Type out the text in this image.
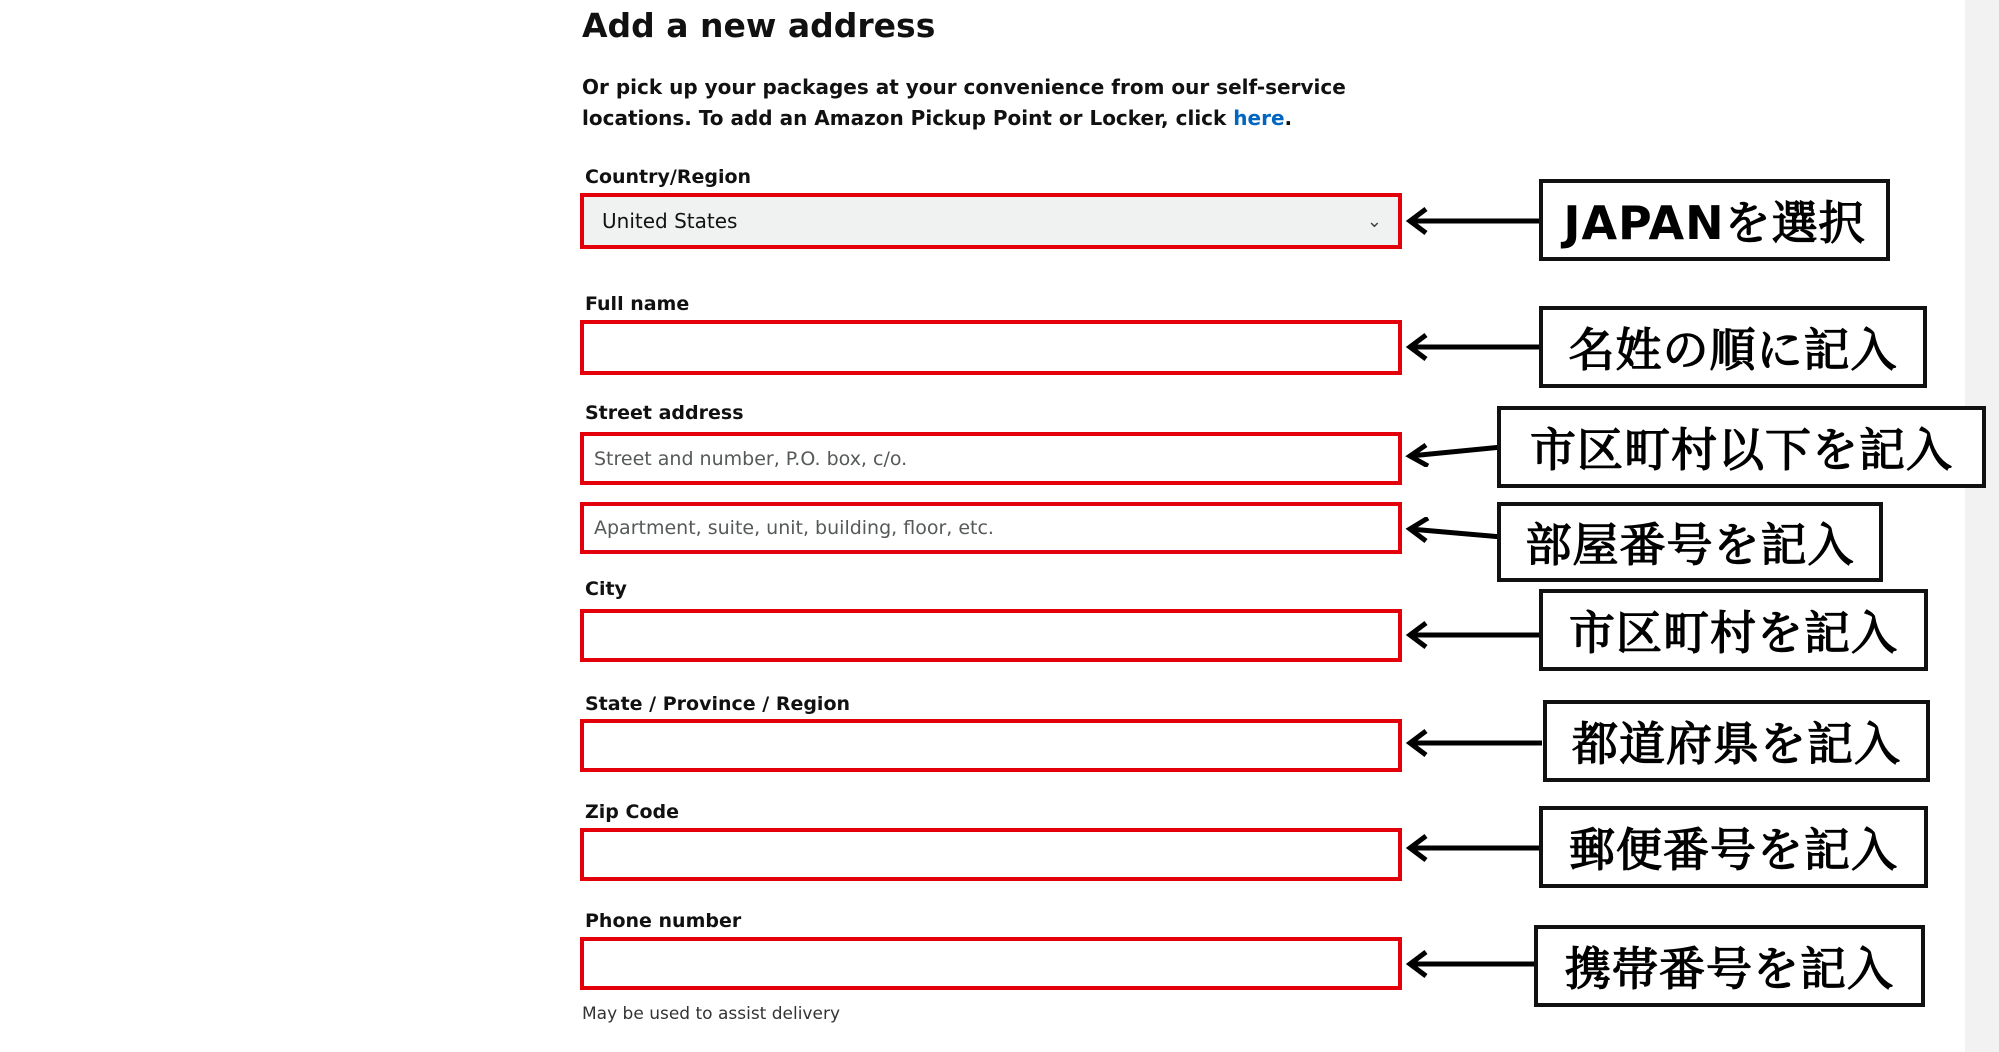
Add a new address
Or pick up your packages at your convenience from our self-service locations. To add an Amazon Pickup Point or Locker, click here.
Country/Region
United States	⌄
Full name
Street address
Street and number, P.O. box, c/o.
Apartment, suite, unit, building, floor, etc.
City
State / Province / Region
Zip Code
Phone number
May be used to assist delivery
JAPANを選択
名姓の順に記入
市区町村以下を記入
部屋番号を記入
市区町村を記入
都道府県を記入
郵便番号を記入
携帯番号を記入
